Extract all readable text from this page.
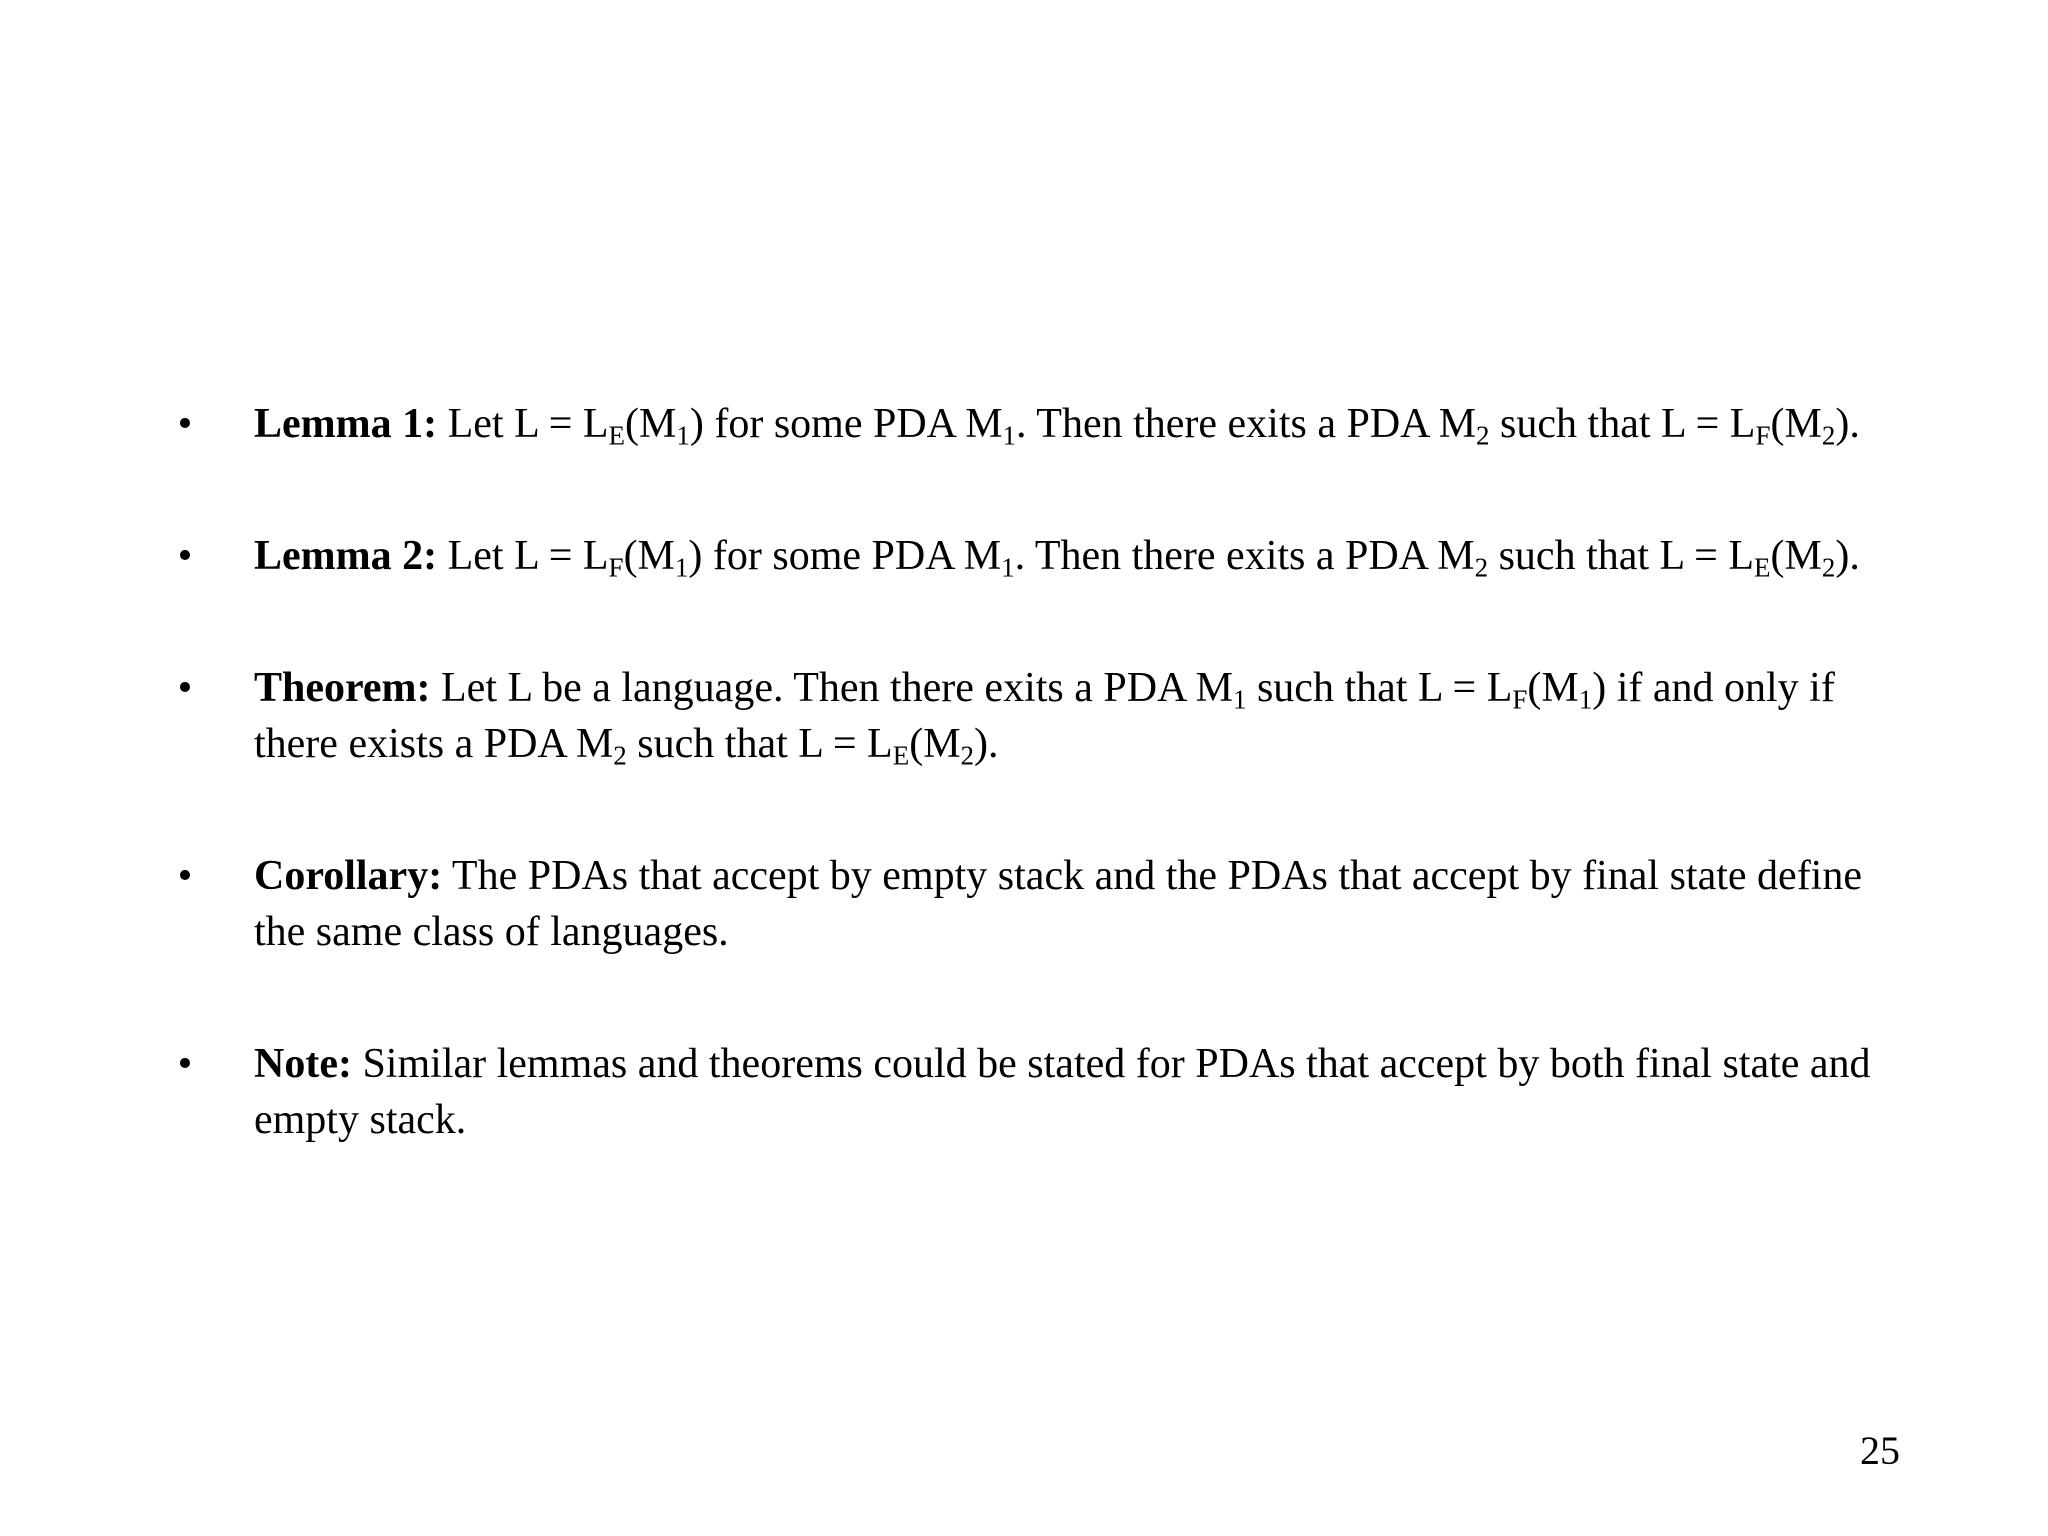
• Lemma 1: Let $L = L_E(M_1)$ for some PDA $M_1$. Then there exits a PDA $M_2$ such that $L = L_F(M_2)$.
• Lemma 2: Let $L = L_F(M_1)$ for some PDA $M_1$. Then there exits a PDA $M_2$ such that $L = L_E(M_2)$.
• Theorem: Let L be a language. Then there exits a PDA $M_1$ such that $L = L_F(M_1)$ if and only if there exists a PDA $M_2$ such that $L = L_E(M_2)$.
• Corollary: The PDAs that accept by empty stack and the PDAs that accept by final state define the same class of languages.
• Note: Similar lemmas and theorems could be stated for PDAs that accept by both final state and empty stack.
25
